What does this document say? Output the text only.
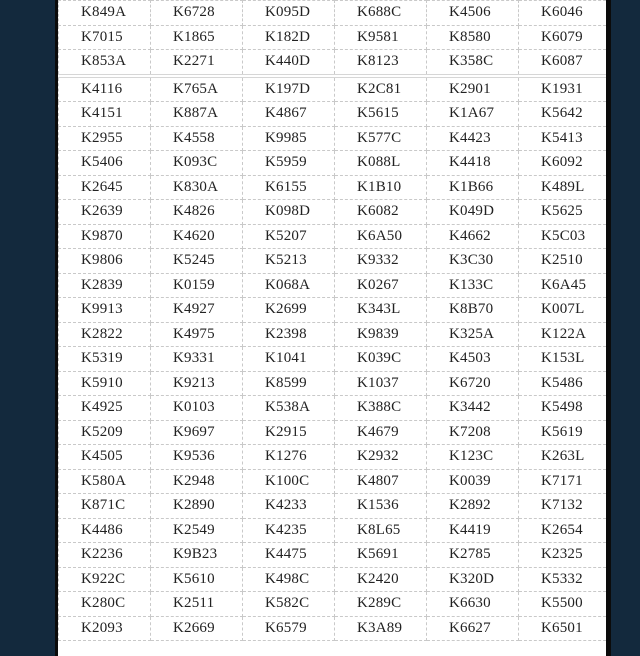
K849A	K6728	K095D	K688C	K4506	K6046
K7015	K1865	K182D	K9581	K8580	K6079
K853A	K2271	K440D	K8123	K358C	K6087
K4116	K765A	K197D	K2C81	K2901	K1931
K4151	K887A	K4867	K5615	K1A67	K5642
K2955	K4558	K9985	K577C	K4423	K5413
K5406	K093C	K5959	K088L	K4418	K6092
K2645	K830A	K6155	K1B10	K1B66	K489L
K2639	K4826	K098D	K6082	K049D	K5625
K9870	K4620	K5207	K6A50	K4662	K5C03
K9806	K5245	K5213	K9332	K3C30	K2510
K2839	K0159	K068A	K0267	K133C	K6A45
K9913	K4927	K2699	K343L	K8B70	K007L
K2822	K4975	K2398	K9839	K325A	K122A
K5319	K9331	K1041	K039C	K4503	K153L
K5910	K9213	K8599	K1037	K6720	K5486
K4925	K0103	K538A	K388C	K3442	K5498
K5209	K9697	K2915	K4679	K7208	K5619
K4505	K9536	K1276	K2932	K123C	K263L
K580A	K2948	K100C	K4807	K0039	K7171
K871C	K2890	K4233	K1536	K2892	K7132
K4486	K2549	K4235	K8L65	K4419	K2654
K2236	K9B23	K4475	K5691	K2785	K2325
K922C	K5610	K498C	K2420	K320D	K5332
K280C	K2511	K582C	K289C	K6630	K5500
K2093	K2669	K6579	K3A89	K6627	K6501
